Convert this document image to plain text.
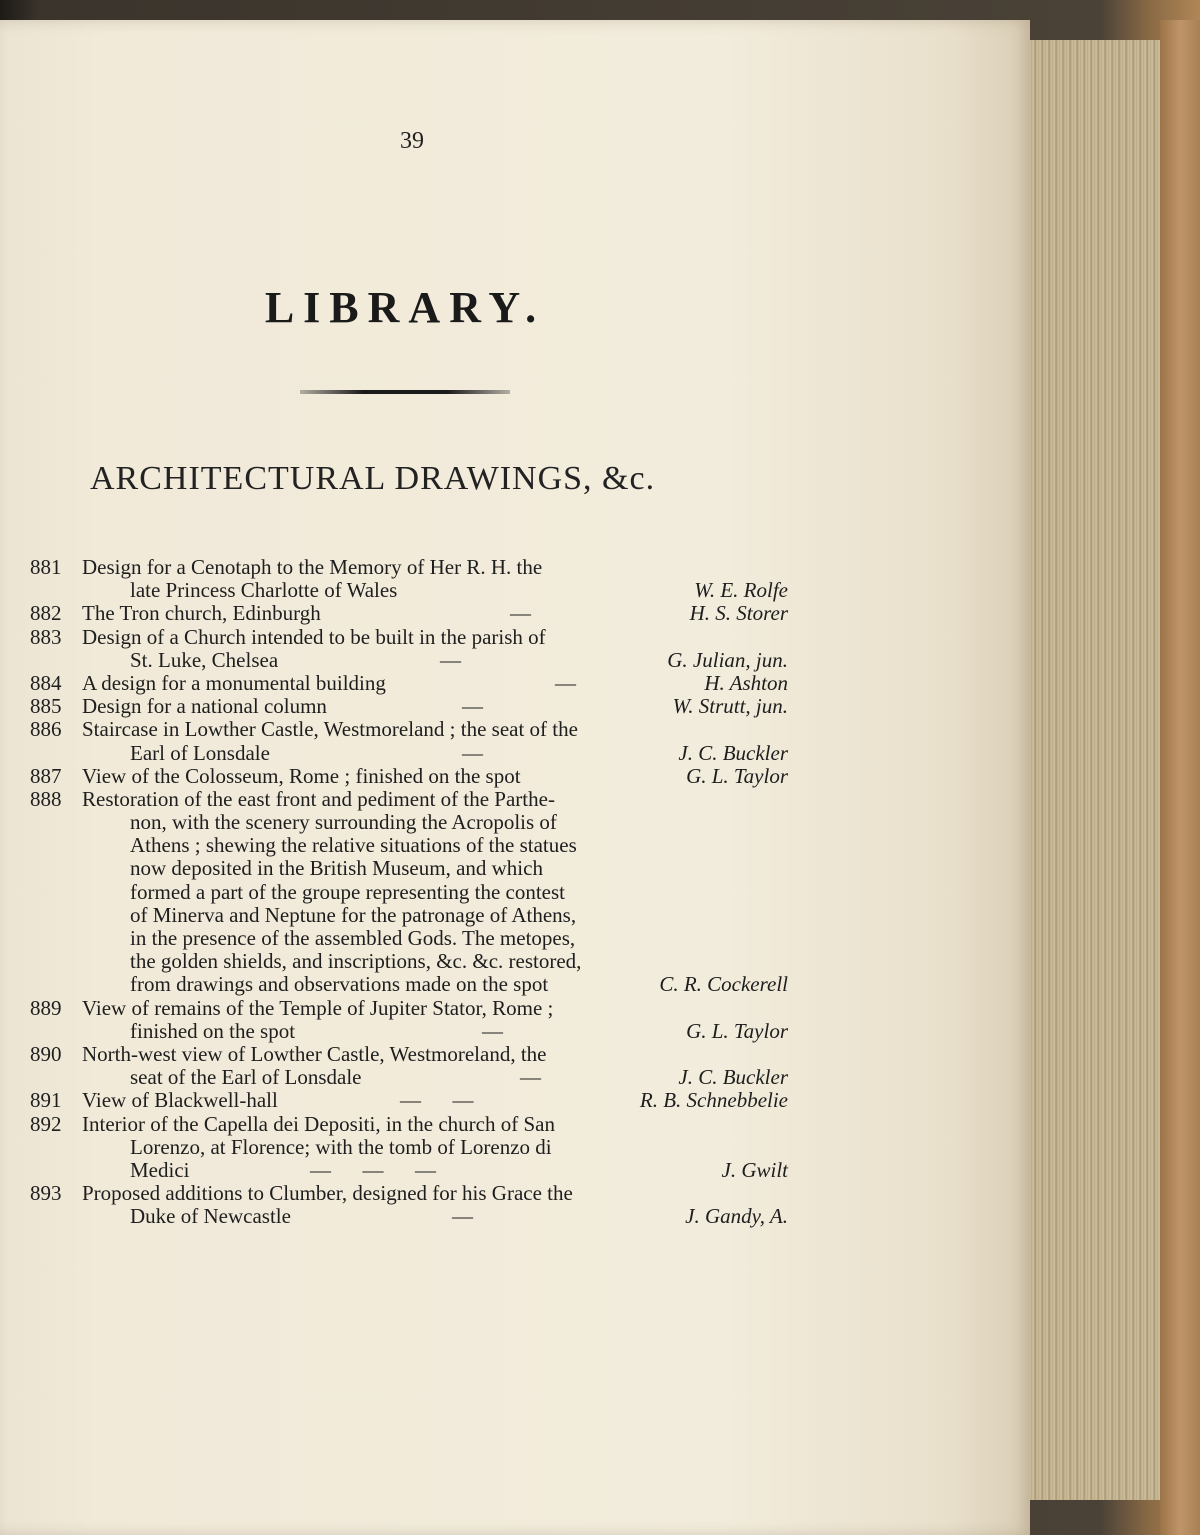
39
LIBRARY.
ARCHITECTURAL DRAWINGS, &c.
881 Design for a Cenotaph to the Memory of Her R. H. the
late Princess Charlotte of Wales	W. E. Rolfe
882 The Tron church, Edinburgh	—	H. S. Storer
883 Design of a Church intended to be built in the parish of
St. Luke, Chelsea	—	G. Julian, jun.
884 A design for a monumental building	—	H. Ashton
885 Design for a national column	—	W. Strutt, jun.
886 Staircase in Lowther Castle, Westmoreland ; the seat of the
Earl of Lonsdale	—	J. C. Buckler
887 View of the Colosseum, Rome ; finished on the spot	G. L. Taylor
888 Restoration of the east front and pediment of the Parthe-
non, with the scenery surrounding the Acropolis of
Athens ; shewing the relative situations of the statues
now deposited in the British Museum, and which
formed a part of the groupe representing the contest
of Minerva and Neptune for the patronage of Athens,
in the presence of the assembled Gods. The metopes,
the golden shields, and inscriptions, &c. &c. restored,
from drawings and observations made on the spot	C. R. Cockerell
889 View of remains of the Temple of Jupiter Stator, Rome ;
finished on the spot	—	G. L. Taylor
890 North-west view of Lowther Castle, Westmoreland, the
seat of the Earl of Lonsdale	—	J. C. Buckler
891 View of Blackwell-hall	—      —	R. B. Schnebbelie
892 Interior of the Capella dei Depositi, in the church of San
Lorenzo, at Florence; with the tomb of Lorenzo di
Medici	—      —      —	J. Gwilt
893 Proposed additions to Clumber, designed for his Grace the
Duke of Newcastle	—	J. Gandy, A.
